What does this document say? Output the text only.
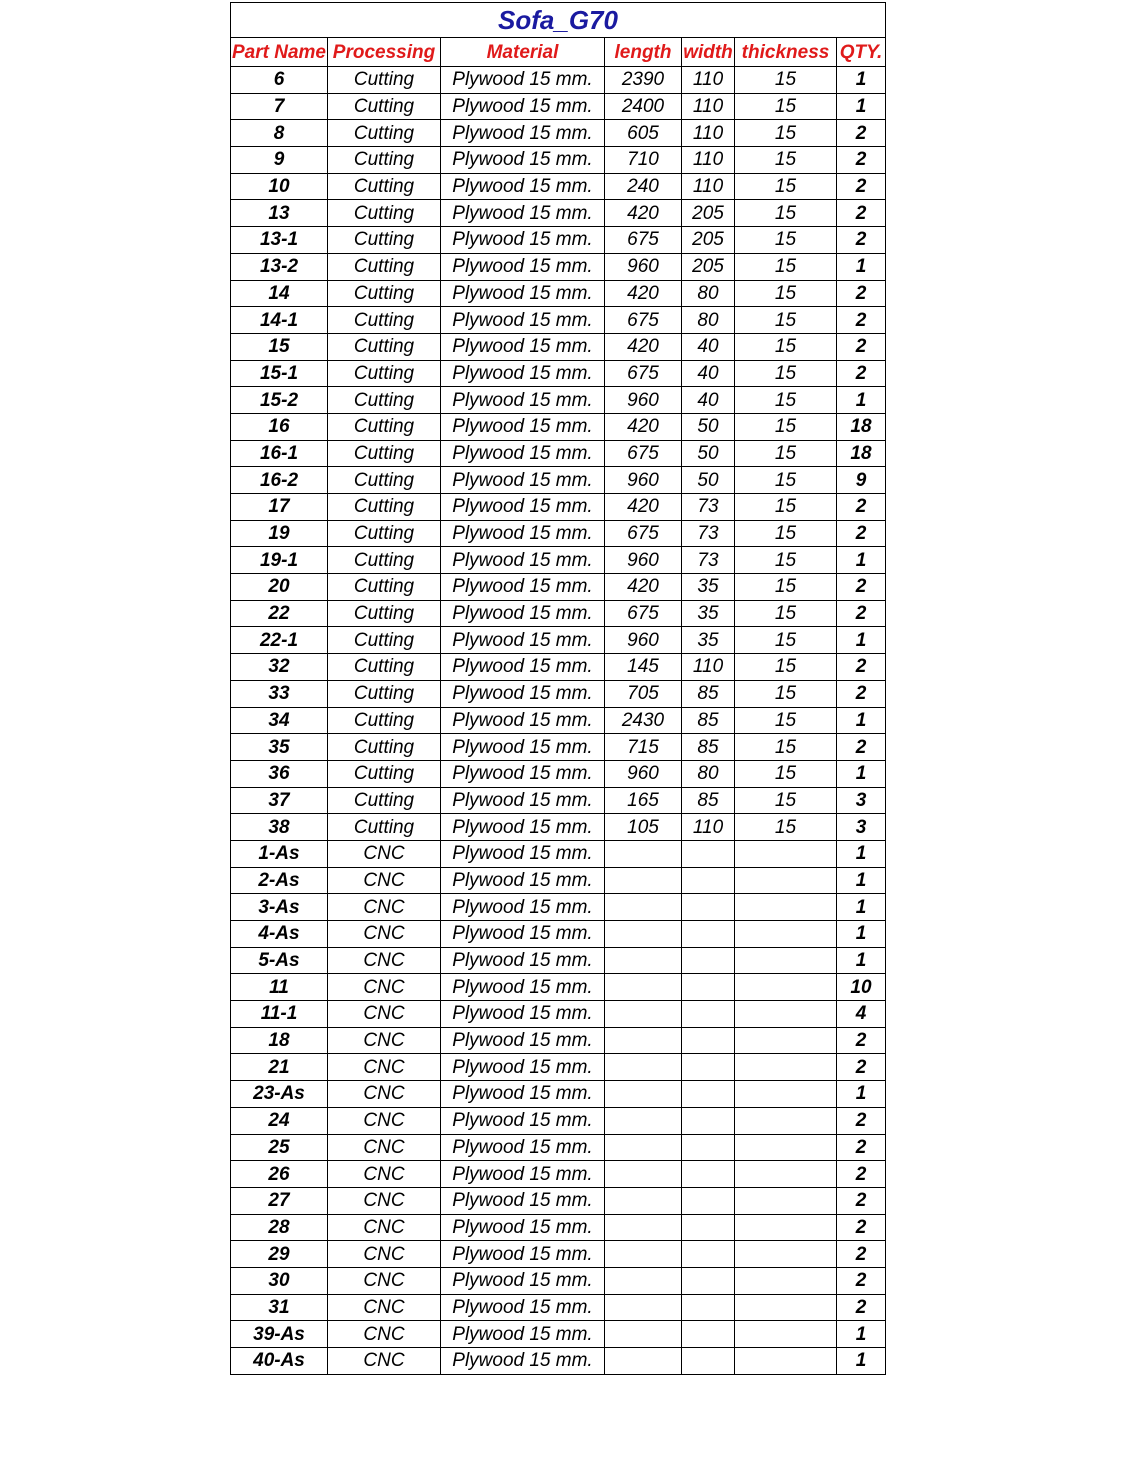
Sofa_G70						
Part Name	Processing	Material	length	width	thickness	QTY.
6	Cutting	Plywood 15 mm.	2390	110	15	1
7	Cutting	Plywood 15 mm.	2400	110	15	1
8	Cutting	Plywood 15 mm.	605	110	15	2
9	Cutting	Plywood 15 mm.	710	110	15	2
10	Cutting	Plywood 15 mm.	240	110	15	2
13	Cutting	Plywood 15 mm.	420	205	15	2
13-1	Cutting	Plywood 15 mm.	675	205	15	2
13-2	Cutting	Plywood 15 mm.	960	205	15	1
14	Cutting	Plywood 15 mm.	420	80	15	2
14-1	Cutting	Plywood 15 mm.	675	80	15	2
15	Cutting	Plywood 15 mm.	420	40	15	2
15-1	Cutting	Plywood 15 mm.	675	40	15	2
15-2	Cutting	Plywood 15 mm.	960	40	15	1
16	Cutting	Plywood 15 mm.	420	50	15	18
16-1	Cutting	Plywood 15 mm.	675	50	15	18
16-2	Cutting	Plywood 15 mm.	960	50	15	9
17	Cutting	Plywood 15 mm.	420	73	15	2
19	Cutting	Plywood 15 mm.	675	73	15	2
19-1	Cutting	Plywood 15 mm.	960	73	15	1
20	Cutting	Plywood 15 mm.	420	35	15	2
22	Cutting	Plywood 15 mm.	675	35	15	2
22-1	Cutting	Plywood 15 mm.	960	35	15	1
32	Cutting	Plywood 15 mm.	145	110	15	2
33	Cutting	Plywood 15 mm.	705	85	15	2
34	Cutting	Plywood 15 mm.	2430	85	15	1
35	Cutting	Plywood 15 mm.	715	85	15	2
36	Cutting	Plywood 15 mm.	960	80	15	1
37	Cutting	Plywood 15 mm.	165	85	15	3
38	Cutting	Plywood 15 mm.	105	110	15	3
1-As	CNC	Plywood 15 mm.				1
2-As	CNC	Plywood 15 mm.				1
3-As	CNC	Plywood 15 mm.				1
4-As	CNC	Plywood 15 mm.				1
5-As	CNC	Plywood 15 mm.				1
11	CNC	Plywood 15 mm.				10
11-1	CNC	Plywood 15 mm.				4
18	CNC	Plywood 15 mm.				2
21	CNC	Plywood 15 mm.				2
23-As	CNC	Plywood 15 mm.				1
24	CNC	Plywood 15 mm.				2
25	CNC	Plywood 15 mm.				2
26	CNC	Plywood 15 mm.				2
27	CNC	Plywood 15 mm.				2
28	CNC	Plywood 15 mm.				2
29	CNC	Plywood 15 mm.				2
30	CNC	Plywood 15 mm.				2
31	CNC	Plywood 15 mm.				2
39-As	CNC	Plywood 15 mm.				1
40-As	CNC	Plywood 15 mm.				1
